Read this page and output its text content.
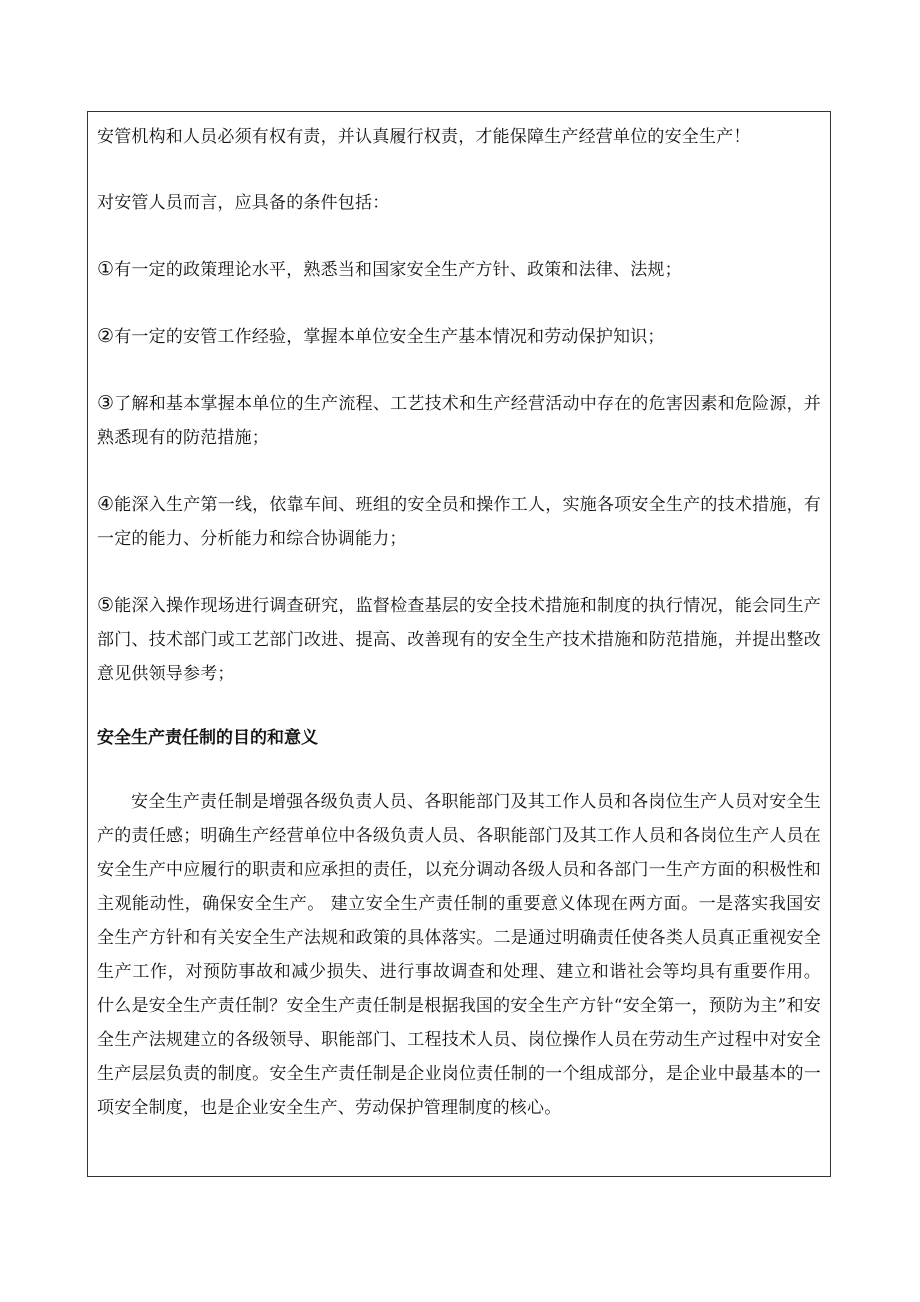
安管机构和人员必须有权有责，并认真履行权责，才能保障生产经营单位的安全生产！

对安管人员而言，应具备的条件包括：

①有一定的政策理论水平，熟悉当和国家安全生产方针、政策和法律、法规；

②有一定的安管工作经验，掌握本单位安全生产基本情况和劳动保护知识；

③了解和基本掌握本单位的生产流程、工艺技术和生产经营活动中存在的危害因素和危险源，并熟悉现有的防范措施；

④能深入生产第一线，依靠车间、班组的安全员和操作工人，实施各项安全生产的技术措施，有一定的能力、分析能力和综合协调能力；

⑤能深入操作现场进行调查研究，监督检查基层的安全技术措施和制度的执行情况，能会同生产部门、技术部门或工艺部门改进、提高、改善现有的安全生产技术措施和防范措施，并提出整改意见供领导参考；

安全生产责任制的目的和意义

安全生产责任制是增强各级负责人员、各职能部门及其工作人员和各岗位生产人员对安全生产的责任感；明确生产经营单位中各级负责人员、各职能部门及其工作人员和各岗位生产人员在安全生产中应履行的职责和应承担的责任，以充分调动各级人员和各部门一生产方面的积极性和主观能动性，确保安全生产。 建立安全生产责任制的重要意义体现在两方面。一是落实我国安全生产方针和有关安全生产法规和政策的具体落实。二是通过明确责任使各类人员真正重视安全生产工作，对预防事故和减少损失、进行事故调查和处理、建立和谐社会等均具有重要作用。 什么是安全生产责任制？安全生产责任制是根据我国的安全生产方针“安全第一，预防为主”和安全生产法规建立的各级领导、职能部门、工程技术人员、岗位操作人员在劳动生产过程中对安全生产层层负责的制度。安全生产责任制是企业岗位责任制的一个组成部分，是企业中最基本的一项安全制度，也是企业安全生产、劳动保护管理制度的核心。
